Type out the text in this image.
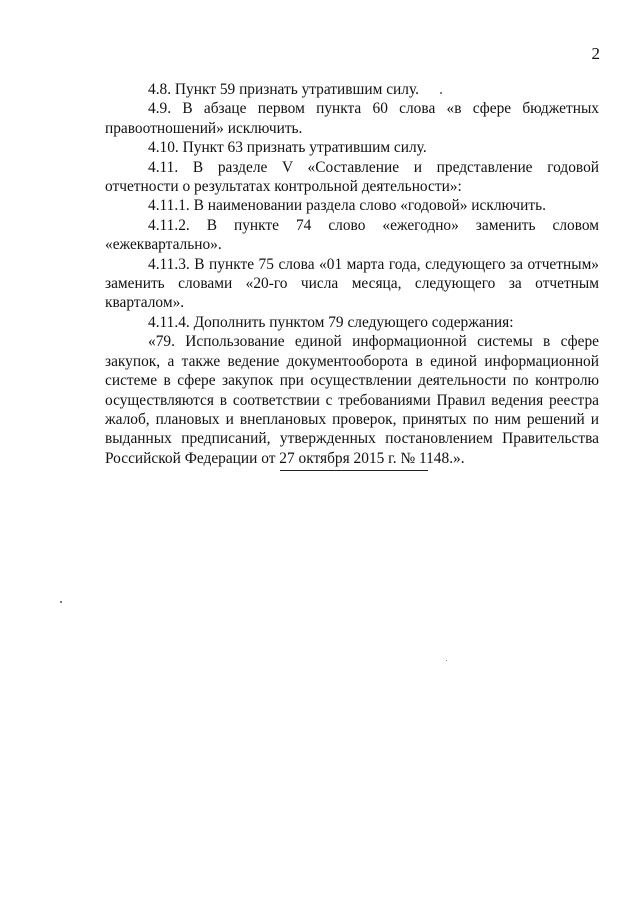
2

4.8. Пункт 59 признать утратившим силу.

4.9. В абзаце первом пункта 60 слова «в сфере бюджетных правоотношений» исключить.

4.10. Пункт 63 признать утратившим силу.

4.11. В разделе V «Составление и представление годовой отчетности о результатах контрольной деятельности»:

4.11.1. В наименовании раздела слово «годовой» исключить.

4.11.2. В пункте 74 слово «ежегодно» заменить словом «ежеквартально».

4.11.3. В пункте 75 слова «01 марта года, следующего за отчетным» заменить словами «20-го числа месяца, следующего за отчетным кварталом».

4.11.4. Дополнить пунктом 79 следующего содержания:

«79. Использование единой информационной системы в сфере закупок, а также ведение документооборота в единой информационной системе в сфере закупок при осуществлении деятельности по контролю осуществляются в соответствии с требованиями Правил ведения реестра жалоб, плановых и внеплановых проверок, принятых по ним решений и выданных предписаний, утвержденных постановлением Правительства Российской Федерации от 27 октября 2015 г. № 1148.».
